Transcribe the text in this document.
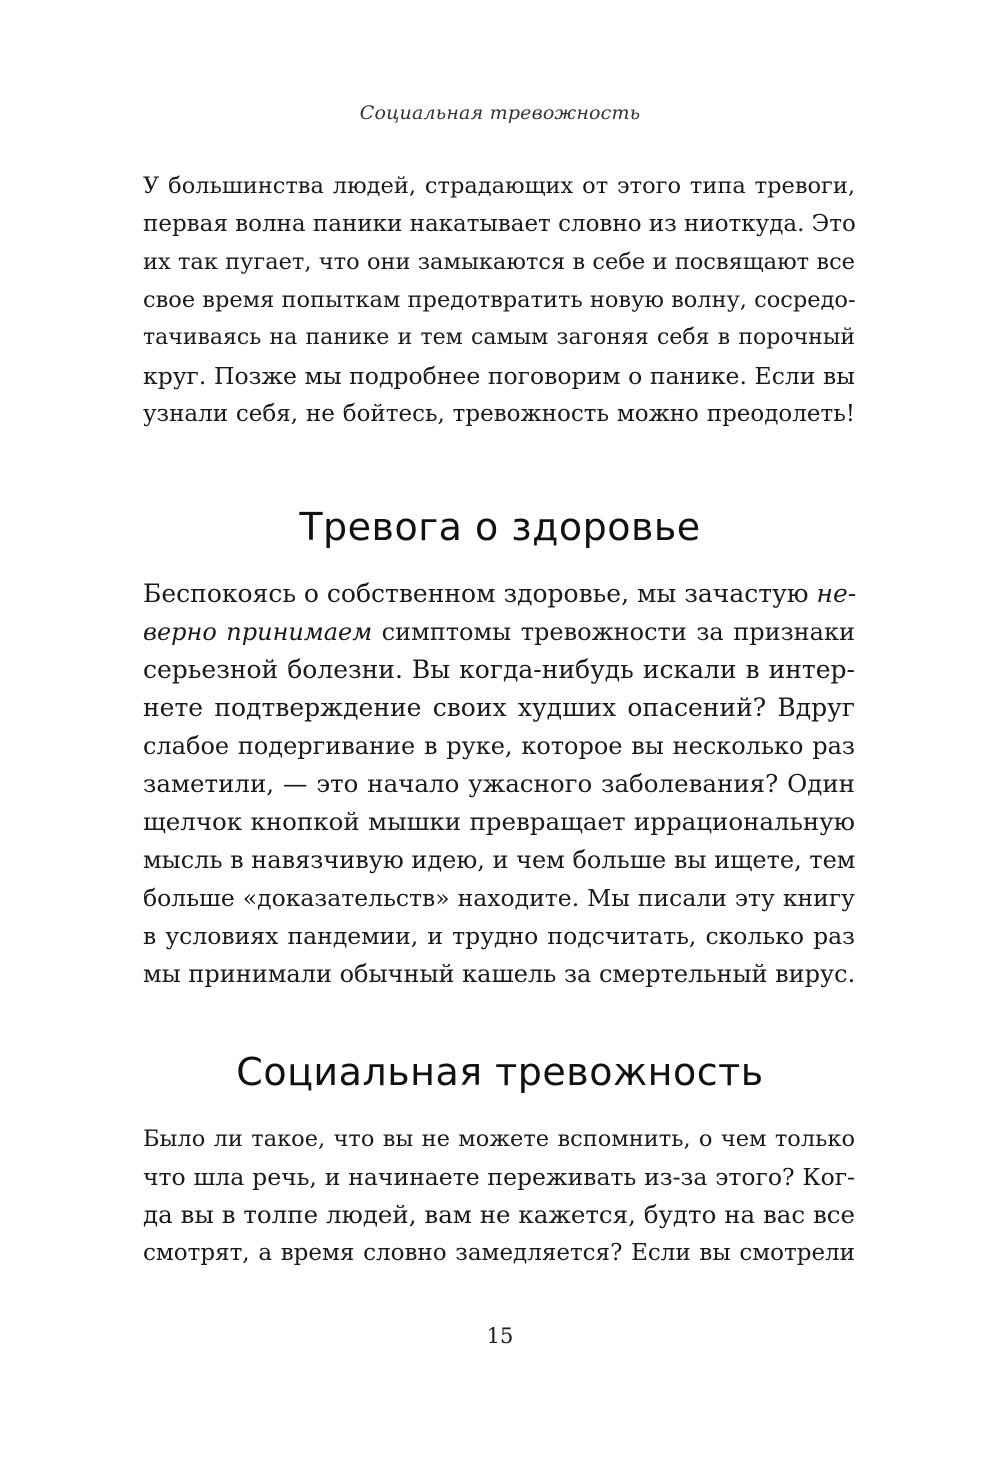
Социальная тревожность
У большинства людей, страдающих от этого типа тревоги,
первая волна паники накатывает словно из ниоткуда. Это
их так пугает, что они замыкаются в себе и посвящают все
свое время попыткам предотвратить новую волну, сосредо-
тачиваясь на панике и тем самым загоняя себя в порочный
круг. Позже мы подробнее поговорим о панике. Если вы
узнали себя, не бойтесь, тревожность можно преодолеть!
Тревога о здоровье
Беспокоясь о собственном здоровье, мы зачастую не-
верно принимаем симптомы тревожности за признаки
серьезной болезни. Вы когда-нибудь искали в интер-
нете подтверждение своих худших опасений? Вдруг
слабое подергивание в руке, которое вы несколько раз
заметили, — это начало ужасного заболевания? Один
щелчок кнопкой мышки превращает иррациональную
мысль в навязчивую идею, и чем больше вы ищете, тем
больше «доказательств» находите. Мы писали эту книгу
в условиях пандемии, и трудно подсчитать, сколько раз
мы принимали обычный кашель за смертельный вирус.
Социальная тревожность
Было ли такое, что вы не можете вспомнить, о чем только
что шла речь, и начинаете переживать из-за этого? Ког-
да вы в толпе людей, вам не кажется, будто на вас все
смотрят, а время словно замедляется? Если вы смотрели
15
